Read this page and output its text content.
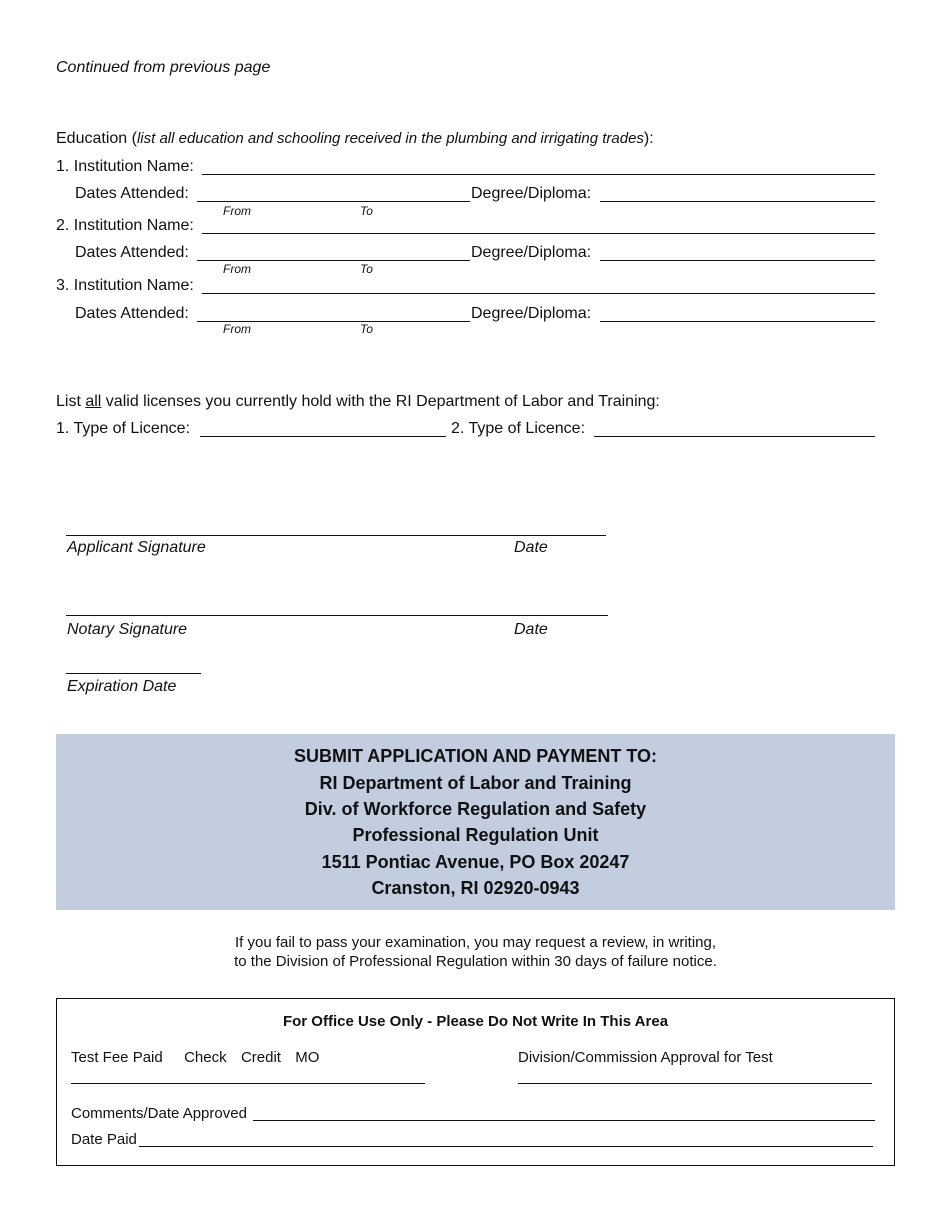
Continued from previous page
Education (list all education and schooling received in the plumbing and irrigating trades):
1. Institution Name:
Dates Attended:	Degree/Diploma:
From	To
2. Institution Name:
Dates Attended:	Degree/Diploma:
From	To
3. Institution Name:
Dates Attended:	Degree/Diploma:
From	To
List all valid licenses you currently hold with the RI Department of Labor and Training:
1. Type of Licence:	2. Type of Licence:
Applicant Signature	Date
Notary Signature	Date
Expiration Date
SUBMIT APPLICATION AND PAYMENT TO:
RI Department of Labor and Training
Div. of Workforce Regulation and Safety
Professional Regulation Unit
1511 Pontiac Avenue, PO Box 20247
Cranston, RI 02920-0943
If you fail to pass your examination, you may request a review, in writing,
to the Division of Professional Regulation within 30 days of failure notice.
For Office Use Only - Please Do Not Write In This Area
Test Fee Paid Check Credit MO	Division/Commission Approval for Test
Comments/Date Approved
Date Paid
